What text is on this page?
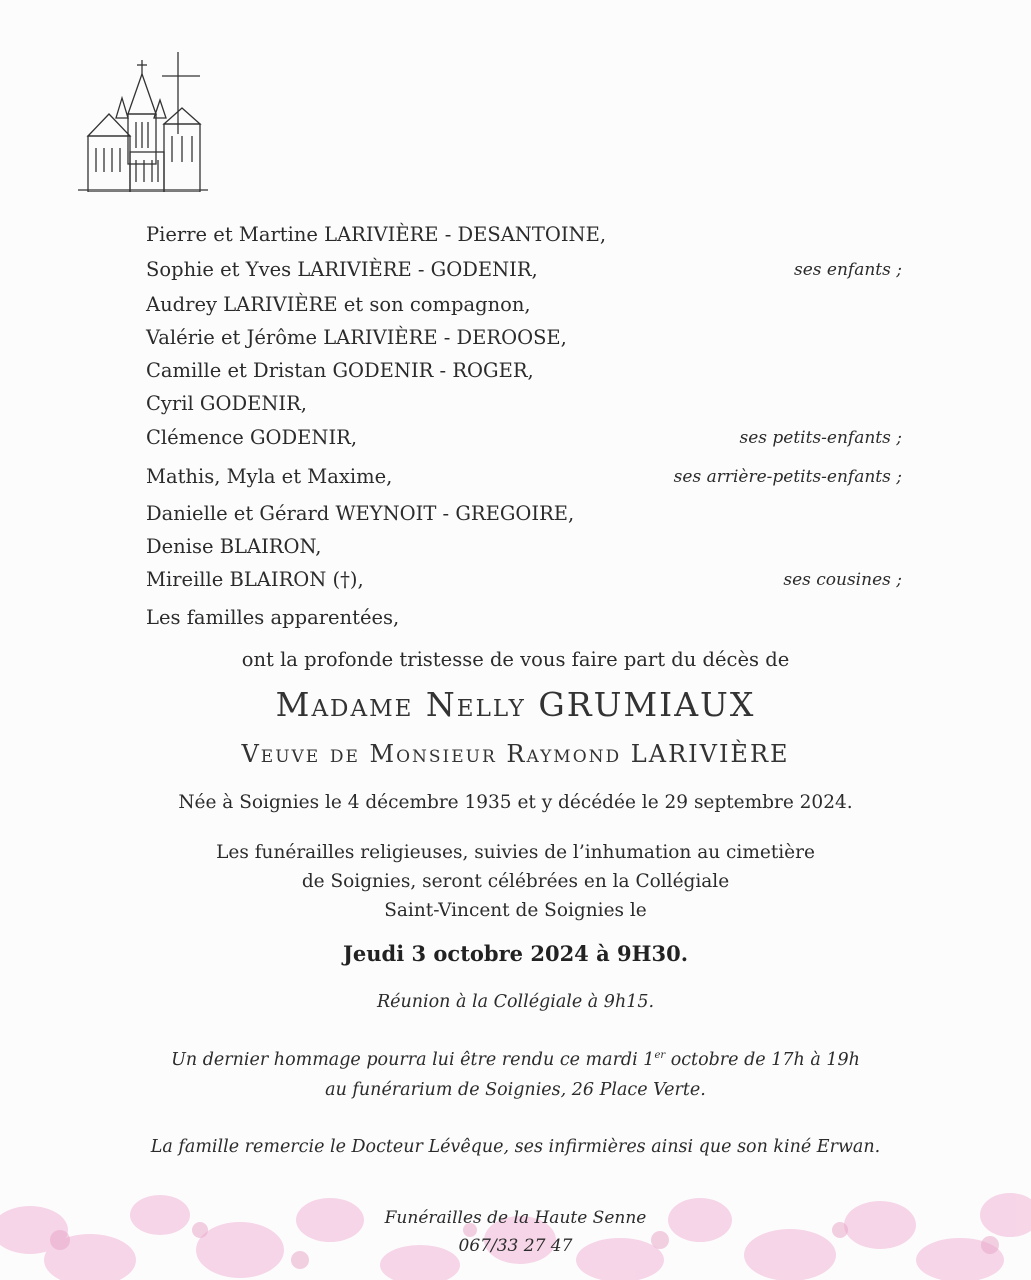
Pierre et Martine LARIVIÈRE - DESANTOINE,
Sophie et Yves LARIVIÈRE - GODENIR,	ses enfants ;
Audrey LARIVIÈRE et son compagnon,
Valérie et Jérôme LARIVIÈRE - DEROOSE,
Camille et Dristan GODENIR - ROGER,
Cyril GODENIR,
Clémence GODENIR,	ses petits-enfants ;
Mathis, Myla et Maxime,	ses arrière-petits-enfants ;
Danielle et Gérard WEYNOIT - GREGOIRE,
Denise BLAIRON,
Mireille BLAIRON (†),	ses cousines ;
Les familles apparentées,
ont la profonde tristesse de vous faire part du décès de
Madame Nelly GRUMIAUX
Veuve de Monsieur Raymond LARIVIÈRE
Née à Soignies le 4 décembre 1935 et y décédée le 29 septembre 2024.
Les funérailles religieuses, suivies de l’inhumation au cimetière
de Soignies, seront célébrées en la Collégiale
Saint-Vincent de Soignies le
Jeudi 3 octobre 2024 à 9H30.
Réunion à la Collégiale à 9h15.
Un dernier hommage pourra lui être rendu ce mardi 1er octobre de 17h à 19h
au funérarium de Soignies, 26 Place Verte.
La famille remercie le Docteur Lévêque, ses infirmières ainsi que son kiné Erwan.
Funérailles de la Haute Senne
067/33 27 47
